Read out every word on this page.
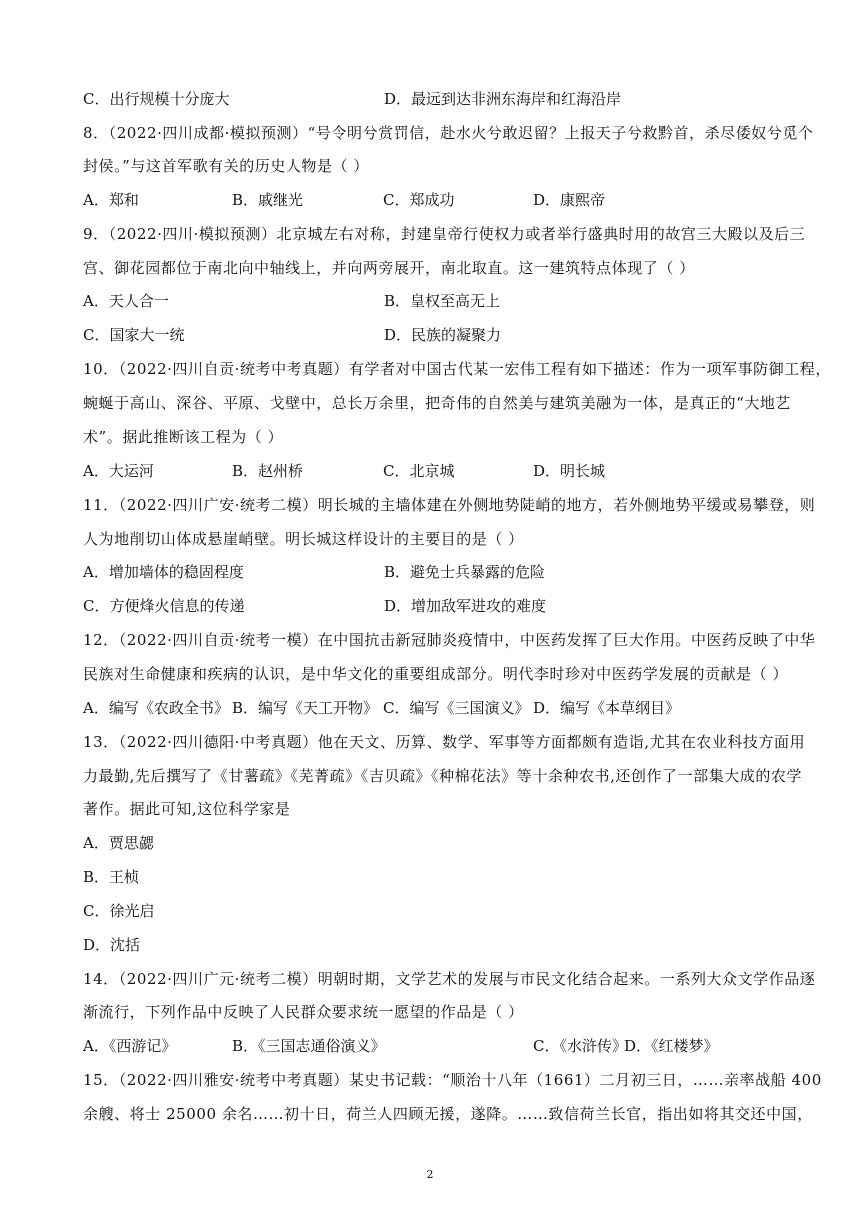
C．出行规模十分庞大	D．最远到达非洲东海岸和红海沿岸
8．（2022·四川成都·模拟预测）“号令明兮赏罚信，赴水火兮敢迟留？上报天子兮救黔首，杀尽倭奴兮觅个
封侯。”与这首军歌有关的历史人物是（ ）
A．郑和	B．戚继光	C．郑成功	D．康熙帝
9．（2022·四川·模拟预测）北京城左右对称，封建皇帝行使权力或者举行盛典时用的故宫三大殿以及后三
宫、御花园都位于南北向中轴线上，并向两旁展开，南北取直。这一建筑特点体现了（ ）
A．天人合一	B．皇权至高无上
C．国家大一统	D．民族的凝聚力
10．（2022·四川自贡·统考中考真题）有学者对中国古代某一宏伟工程有如下描述：作为一项军事防御工程，
蜿蜒于高山、深谷、平原、戈壁中，总长万余里，把奇伟的自然美与建筑美融为一体，是真正的“大地艺
术”。据此推断该工程为（ ）
A．大运河	B．赵州桥	C．北京城	D．明长城
11．（2022·四川广安·统考二模）明长城的主墙体建在外侧地势陡峭的地方，若外侧地势平缓或易攀登，则
人为地削切山体成悬崖峭壁。明长城这样设计的主要目的是（ ）
A．增加墙体的稳固程度	B．避免士兵暴露的危险
C．方便烽火信息的传递	D．增加敌军进攻的难度
12．（2022·四川自贡·统考一模）在中国抗击新冠肺炎疫情中，中医药发挥了巨大作用。中医药反映了中华
民族对生命健康和疾病的认识，是中华文化的重要组成部分。明代李时珍对中医药学发展的贡献是（ ）
A．编写《农政全书》 B．编写《天工开物》 C．编写《三国演义》 D．编写《本草纲目》
13．（2022·四川德阳·中考真题）他在天文、历算、数学、军事等方面都颇有造诣,尤其在农业科技方面用
力最勤,先后撰写了《甘薯疏》《芜菁疏》《吉贝疏》《种棉花法》等十余种农书,还创作了一部集大成的农学
著作。据此可知,这位科学家是
A．贾思勰
B．王桢
C．徐光启
D．沈括
14．（2022·四川广元·统考二模）明朝时期，文学艺术的发展与市民文化结合起来。一系列大众文学作品逐
渐流行，下列作品中反映了人民群众要求统一愿望的作品是（ ）
A．《西游记》	B．《三国志通俗演义》	C．《水浒传》
D．《红楼梦》
15．（2022·四川雅安·统考中考真题）某史书记载：“顺治十八年（1661）二月初三日，……亲率战船 400
余艘、将士 25000 余名……初十日，荷兰人四顾无援，遂降。……致信荷兰长官，指出如将其交还中国，
2
